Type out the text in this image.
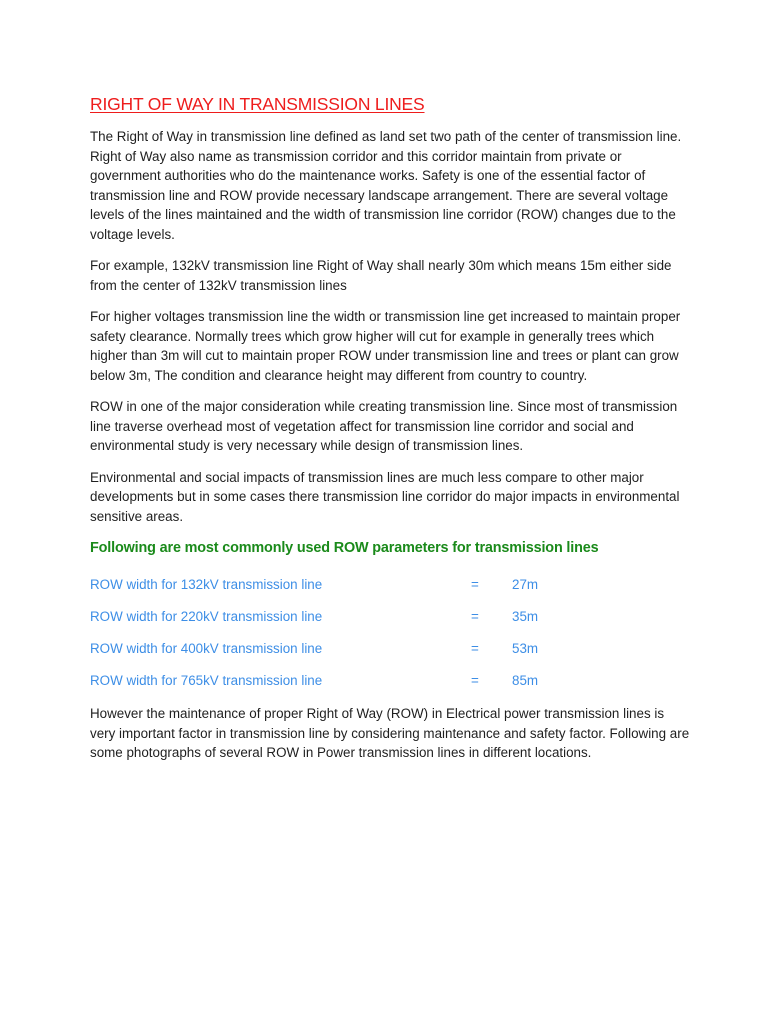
RIGHT OF WAY IN TRANSMISSION LINES

The Right of Way in transmission line defined as land set two path of the center of transmission line. Right of Way also name as transmission corridor and this corridor maintain from private or government authorities who do the maintenance works. Safety is one of the essential factor of transmission line and ROW provide necessary landscape arrangement. There are several voltage levels of the lines maintained and the width of transmission line corridor (ROW) changes due to the voltage levels.

For example, 132kV transmission line Right of Way shall nearly 30m which means 15m either side from the center of 132kV transmission lines

For higher voltages transmission line the width or transmission line get increased to maintain proper safety clearance. Normally trees which grow higher will cut for example in generally trees which higher than 3m will cut to maintain proper ROW under transmission line and trees or plant can grow below 3m, The condition and clearance height may different from country to country.

ROW in one of the major consideration while creating transmission line. Since most of transmission line traverse overhead most of vegetation affect for transmission line corridor and social and environmental study is very necessary while design of transmission lines.

Environmental and social impacts of transmission lines are much less compare to other major developments but in some cases there transmission line corridor do major impacts in environmental sensitive areas.

Following are most commonly used ROW parameters for transmission lines
ROW width for 132kV transmission line	=	27m
ROW width for 220kV transmission line	=	35m
ROW width for 400kV transmission line	=	53m
ROW width for 765kV transmission line	=	85m

However the maintenance of proper Right of Way (ROW) in Electrical power transmission lines is very important factor in transmission line by considering maintenance and safety factor. Following are some photographs of several ROW in Power transmission lines in different locations.
